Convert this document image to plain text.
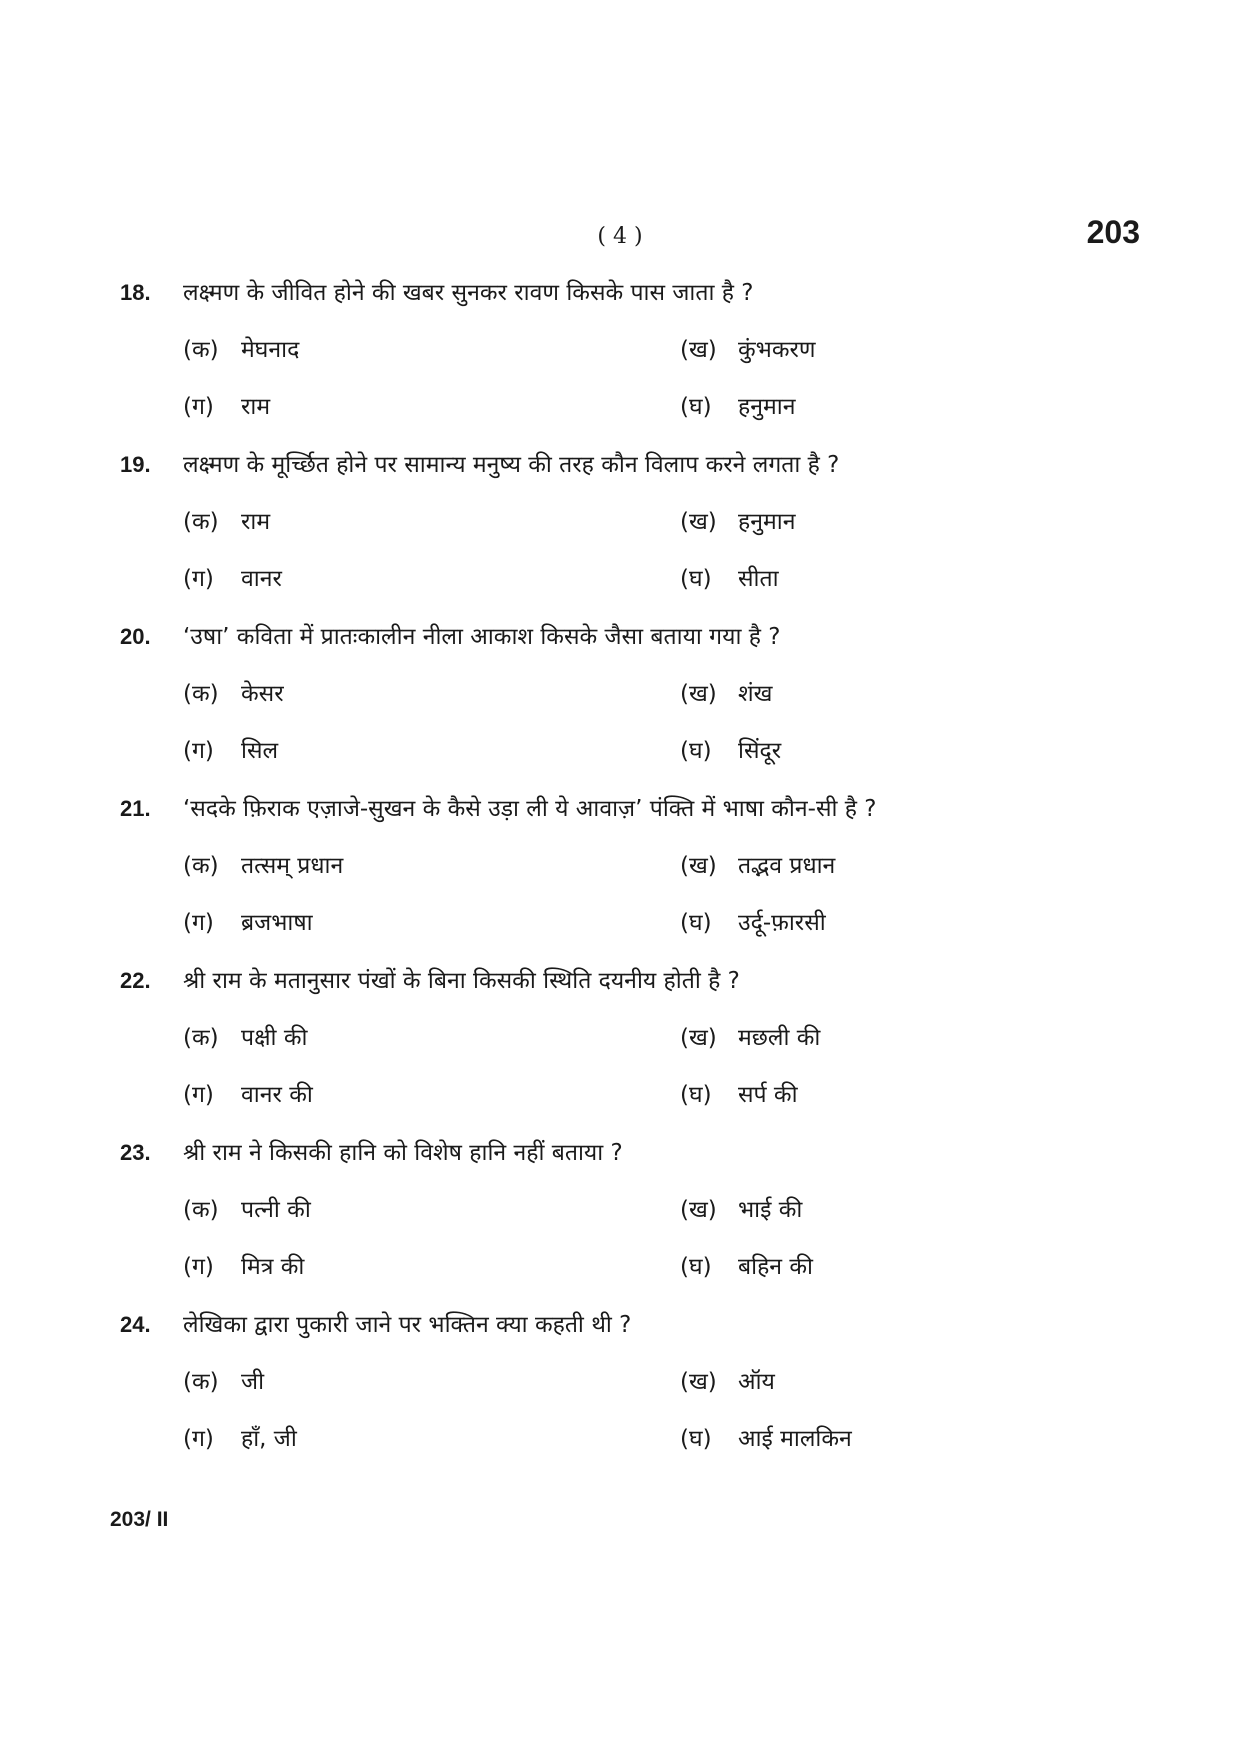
( 4 )	203
18.	लक्ष्मण के जीवित होने की खबर सुनकर रावण किसके पास जाता है ?
(क) मेघनाद	(ख) कुंभकरण
(ग) राम	(घ) हनुमान
19.	लक्ष्मण के मूर्च्छित होने पर सामान्य मनुष्य की तरह कौन विलाप करने लगता है ?
(क) राम	(ख) हनुमान
(ग) वानर	(घ) सीता
20.	‘उषा’ कविता में प्रातःकालीन नीला आकाश किसके जैसा बताया गया है ?
(क) केसर	(ख) शंख
(ग) सिल	(घ) सिंदूर
21.	‘सदके फ़िराक एज़ाजे-सुखन के कैसे उड़ा ली ये आवाज़’ पंक्ति में भाषा कौन-सी है ?
(क) तत्सम् प्रधान	(ख) तद्भव प्रधान
(ग) ब्रजभाषा	(घ) उर्दू-फ़ारसी
22.	श्री राम के मतानुसार पंखों के बिना किसकी स्थिति दयनीय होती है ?
(क) पक्षी की	(ख) मछली की
(ग) वानर की	(घ) सर्प की
23.	श्री राम ने किसकी हानि को विशेष हानि नहीं बताया ?
(क) पत्नी की	(ख) भाई की
(ग) मित्र की	(घ) बहिन की
24.	लेखिका द्वारा पुकारी जाने पर भक्तिन क्या कहती थी ?
(क) जी	(ख) ऑय
(ग) हाँ, जी	(घ) आई मालकिन
203/ II
